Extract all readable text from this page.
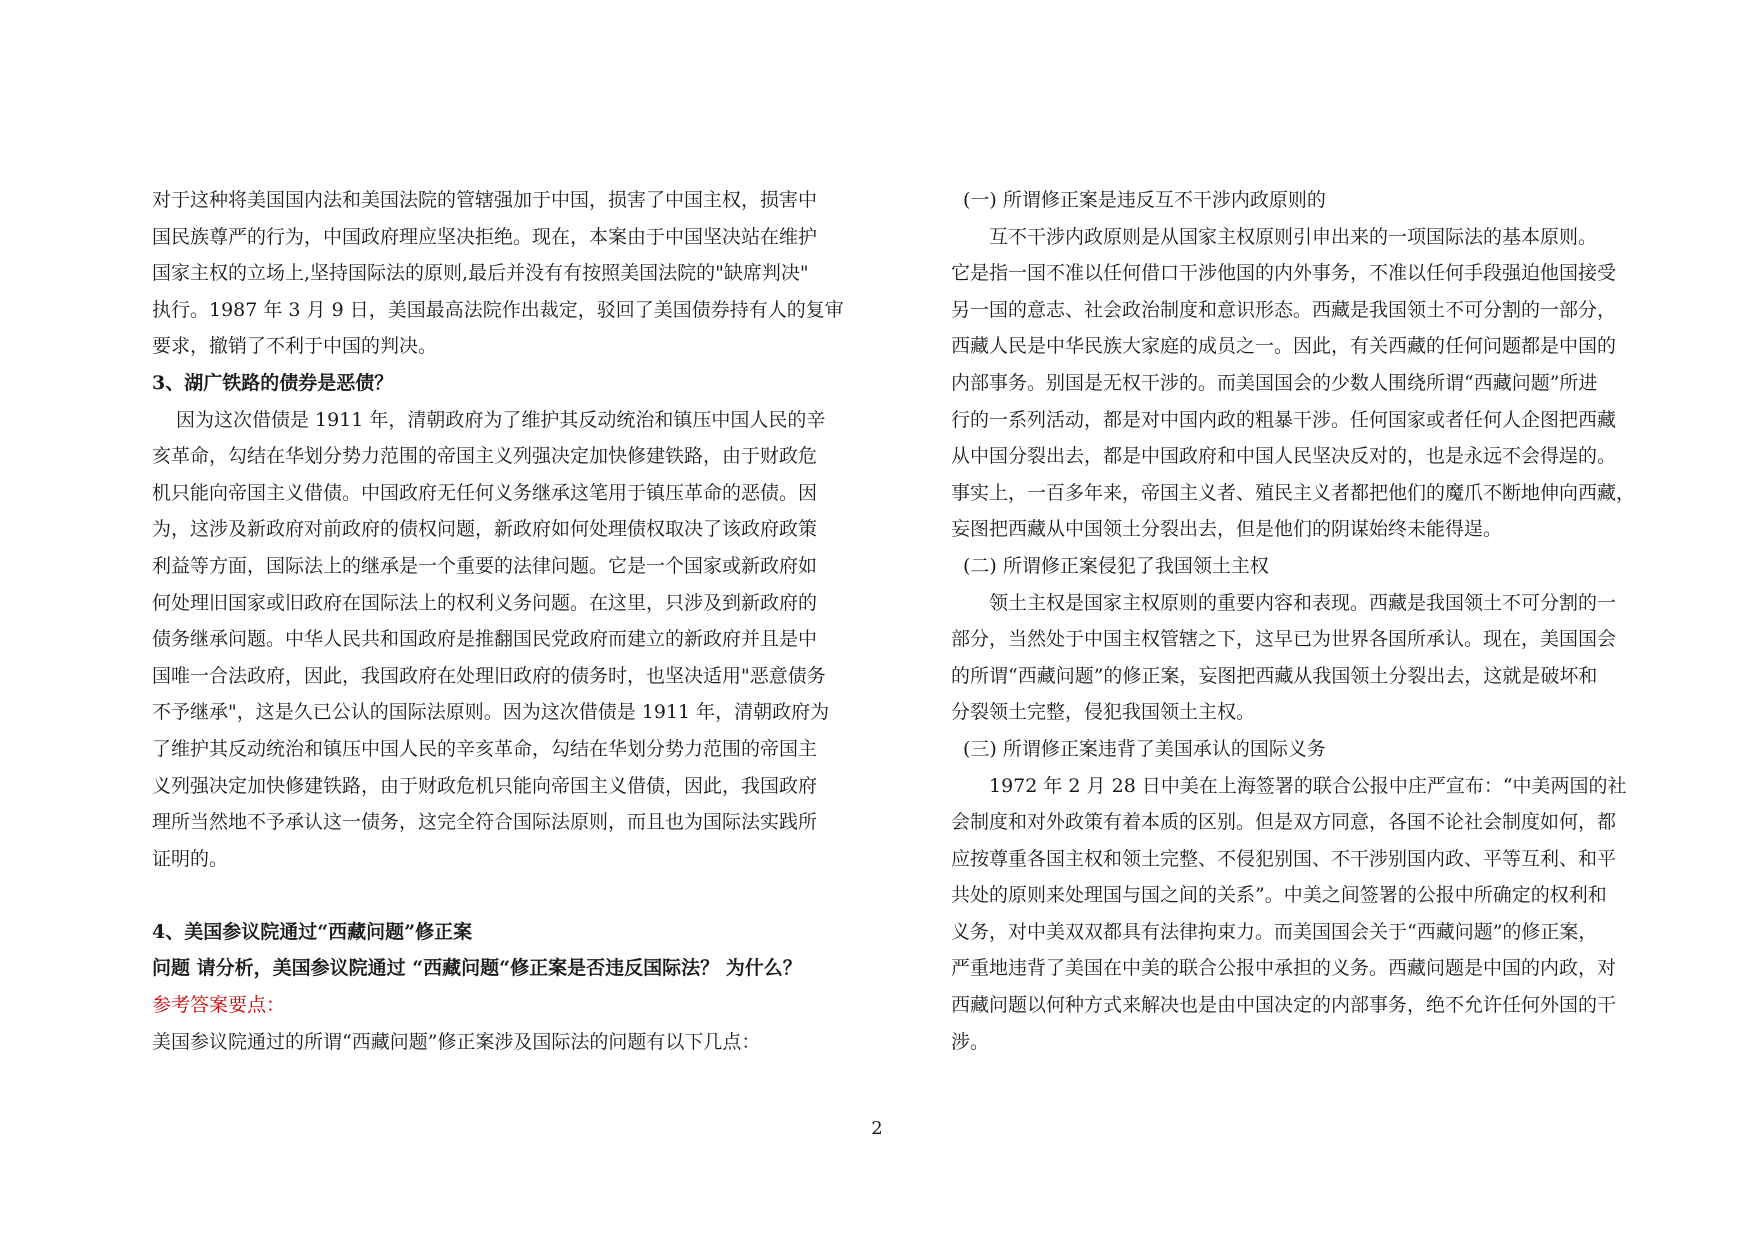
对于这种将美国国内法和美国法院的管辖强加于中国，损害了中国主权，损害中

国民族尊严的行为，中国政府理应坚决拒绝。现在，本案由于中国坚决站在维护

国家主权的立场上,坚持国际法的原则,最后并没有有按照美国法院的"缺席判决"

执行。1987 年 3 月 9 日，美国最高法院作出裁定，驳回了美国债券持有人的复审

要求，撤销了不利于中国的判决。

3、湖广铁路的债券是恶债？

因为这次借债是 1911 年，清朝政府为了维护其反动统治和镇压中国人民的辛

亥革命，勾结在华划分势力范围的帝国主义列强决定加快修建铁路，由于财政危

机只能向帝国主义借债。中国政府无任何义务继承这笔用于镇压革命的恶债。因

为，这涉及新政府对前政府的债权问题，新政府如何处理债权取决了该政府政策

利益等方面，国际法上的继承是一个重要的法律问题。它是一个国家或新政府如

何处理旧国家或旧政府在国际法上的权利义务问题。在这里，只涉及到新政府的

债务继承问题。中华人民共和国政府是推翻国民党政府而建立的新政府并且是中

国唯一合法政府，因此，我国政府在处理旧政府的债务时，也坚决适用"恶意债务

不予继承"，这是久已公认的国际法原则。因为这次借债是 1911 年，清朝政府为

了维护其反动统治和镇压中国人民的辛亥革命，勾结在华划分势力范围的帝国主

义列强决定加快修建铁路，由于财政危机只能向帝国主义借债，因此，我国政府

理所当然地不予承认这一债务，这完全符合国际法原则，而且也为国际法实践所

证明的。

4、美国参议院通过“西藏问题”修正案

问题 请分析，美国参议院通过 “西藏问题“修正案是否违反国际法？ 为什么？

参考答案要点：

美国参议院通过的所谓“西藏问题”修正案涉及国际法的问题有以下几点：

(一) 所谓修正案是违反互不干涉内政原则的

互不干涉内政原则是从国家主权原则引申出来的一项国际法的基本原则。

它是指一国不准以任何借口干涉他国的内外事务，不准以任何手段强迫他国接受

另一国的意志、社会政治制度和意识形态。西藏是我国领土不可分割的一部分，

西藏人民是中华民族大家庭的成员之一。因此，有关西藏的任何问题都是中国的

内部事务。别国是无权干涉的。而美国国会的少数人围绕所谓“西藏问题”所进

行的一系列活动，都是对中国内政的粗暴干涉。任何国家或者任何人企图把西藏

从中国分裂出去，都是中国政府和中国人民坚决反对的，也是永远不会得逞的。

事实上，一百多年来，帝国主义者、殖民主义者都把他们的魔爪不断地伸向西藏，

妄图把西藏从中国领土分裂出去，但是他们的阴谋始终未能得逞。

(二) 所谓修正案侵犯了我国领土主权

领土主权是国家主权原则的重要内容和表现。西藏是我国领土不可分割的一

部分，当然处于中国主权管辖之下，这早已为世界各国所承认。现在，美国国会

的所谓“西藏问题”的修正案，妄图把西藏从我国领土分裂出去，这就是破坏和

分裂领土完整，侵犯我国领土主权。

(三) 所谓修正案违背了美国承认的国际义务

1972 年 2 月 28 日中美在上海签署的联合公报中庄严宣布：“中美两国的社

会制度和对外政策有着本质的区别。但是双方同意，各国不论社会制度如何，都

应按尊重各国主权和领土完整、不侵犯别国、不干涉别国内政、平等互利、和平

共处的原则来处理国与国之间的关系”。中美之间签署的公报中所确定的权利和

义务，对中美双双都具有法律拘束力。而美国国会关于“西藏问题”的修正案，

严重地违背了美国在中美的联合公报中承担的义务。西藏问题是中国的内政，对

西藏问题以何种方式来解决也是由中国决定的内部事务，绝不允许任何外国的干

涉。

2
